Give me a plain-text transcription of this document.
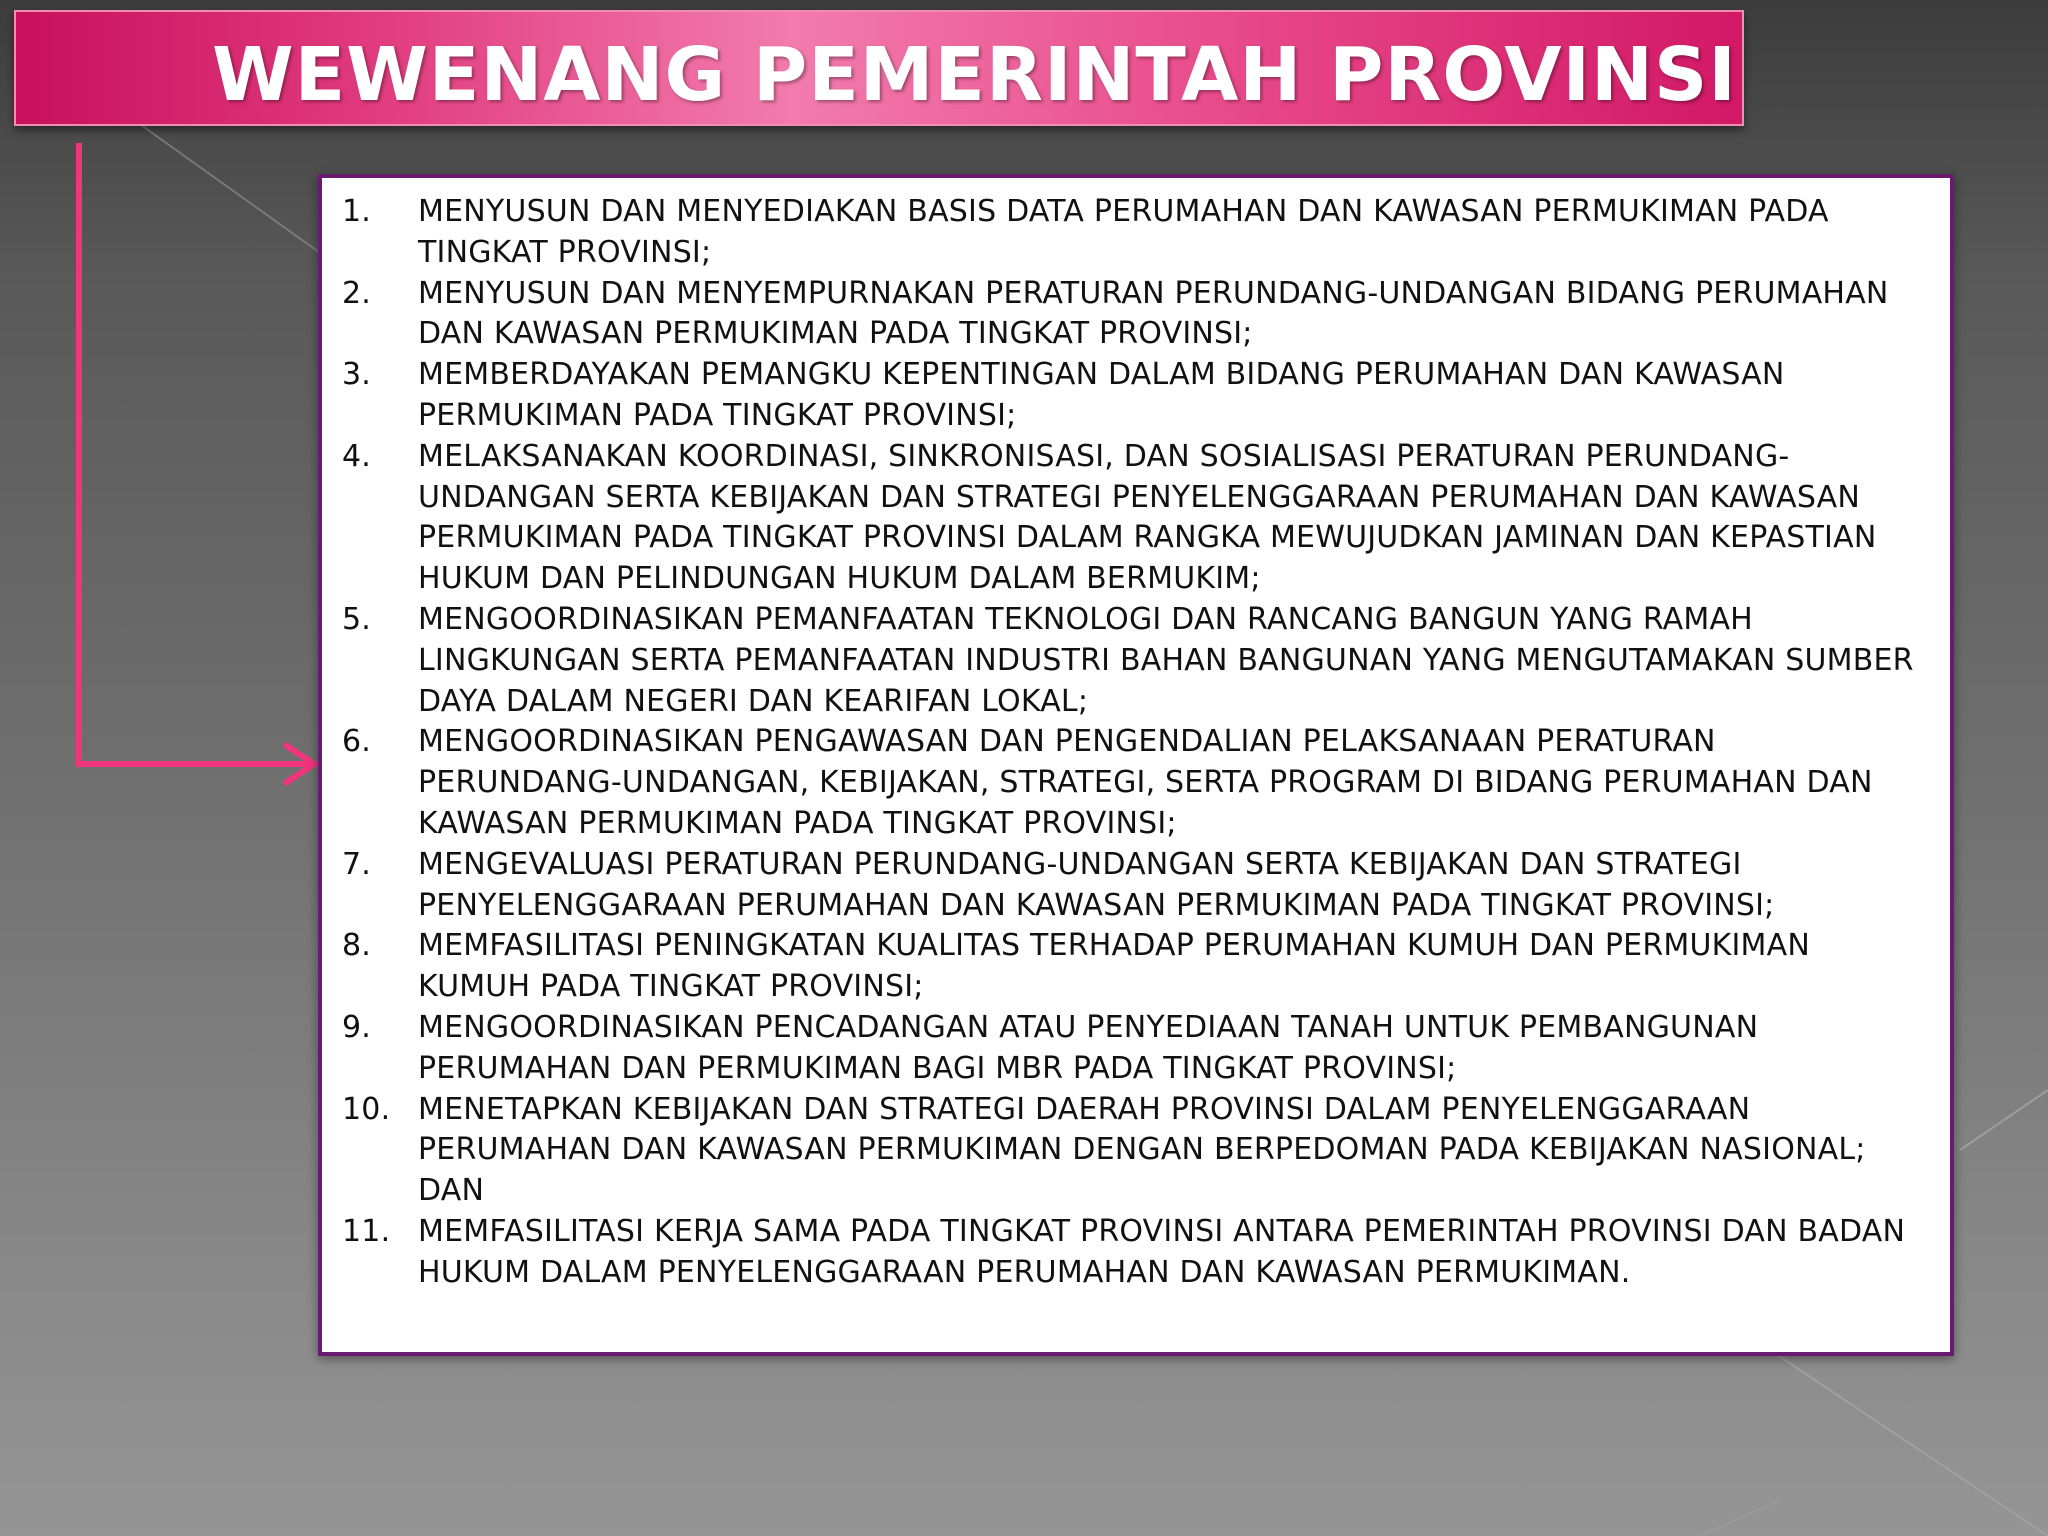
WEWENANG PEMERINTAH PROVINSI
1.	MENYUSUN DAN MENYEDIAKAN BASIS DATA PERUMAHAN DAN KAWASAN PERMUKIMAN PADA TINGKAT PROVINSI;
2.	MENYUSUN DAN MENYEMPURNAKAN PERATURAN PERUNDANG-UNDANGAN BIDANG PERUMAHAN DAN KAWASAN PERMUKIMAN PADA TINGKAT PROVINSI;
3.	MEMBERDAYAKAN PEMANGKU KEPENTINGAN DALAM BIDANG PERUMAHAN DAN KAWASAN PERMUKIMAN PADA TINGKAT PROVINSI;
4.	MELAKSANAKAN KOORDINASI, SINKRONISASI, DAN SOSIALISASI PERATURAN PERUNDANG-UNDANGAN SERTA KEBIJAKAN DAN STRATEGI PENYELENGGARAAN PERUMAHAN DAN KAWASAN PERMUKIMAN PADA TINGKAT PROVINSI DALAM RANGKA MEWUJUDKAN JAMINAN DAN KEPASTIAN HUKUM DAN PELINDUNGAN HUKUM DALAM BERMUKIM;
5.	MENGOORDINASIKAN PEMANFAATAN TEKNOLOGI DAN RANCANG BANGUN YANG RAMAH LINGKUNGAN SERTA PEMANFAATAN INDUSTRI BAHAN BANGUNAN YANG MENGUTAMAKAN SUMBER DAYA DALAM NEGERI DAN KEARIFAN LOKAL;
6.	MENGOORDINASIKAN PENGAWASAN DAN PENGENDALIAN PELAKSANAAN PERATURAN PERUNDANG-UNDANGAN, KEBIJAKAN, STRATEGI, SERTA PROGRAM DI BIDANG PERUMAHAN DAN KAWASAN PERMUKIMAN PADA TINGKAT PROVINSI;
7.	MENGEVALUASI PERATURAN PERUNDANG-UNDANGAN SERTA KEBIJAKAN DAN STRATEGI PENYELENGGARAAN PERUMAHAN DAN KAWASAN PERMUKIMAN PADA TINGKAT PROVINSI;
8.	MEMFASILITASI PENINGKATAN KUALITAS TERHADAP PERUMAHAN KUMUH DAN PERMUKIMAN KUMUH PADA TINGKAT PROVINSI;
9.	MENGOORDINASIKAN PENCADANGAN ATAU PENYEDIAAN TANAH UNTUK PEMBANGUNAN PERUMAHAN DAN PERMUKIMAN BAGI MBR PADA TINGKAT PROVINSI;
10. MENETAPKAN KEBIJAKAN DAN STRATEGI DAERAH PROVINSI DALAM PENYELENGGARAAN PERUMAHAN DAN KAWASAN PERMUKIMAN DENGAN BERPEDOMAN PADA KEBIJAKAN NASIONAL; DAN
11. MEMFASILITASI KERJA SAMA PADA TINGKAT PROVINSI ANTARA PEMERINTAH PROVINSI DAN BADAN HUKUM DALAM PENYELENGGARAAN PERUMAHAN DAN KAWASAN PERMUKIMAN.
